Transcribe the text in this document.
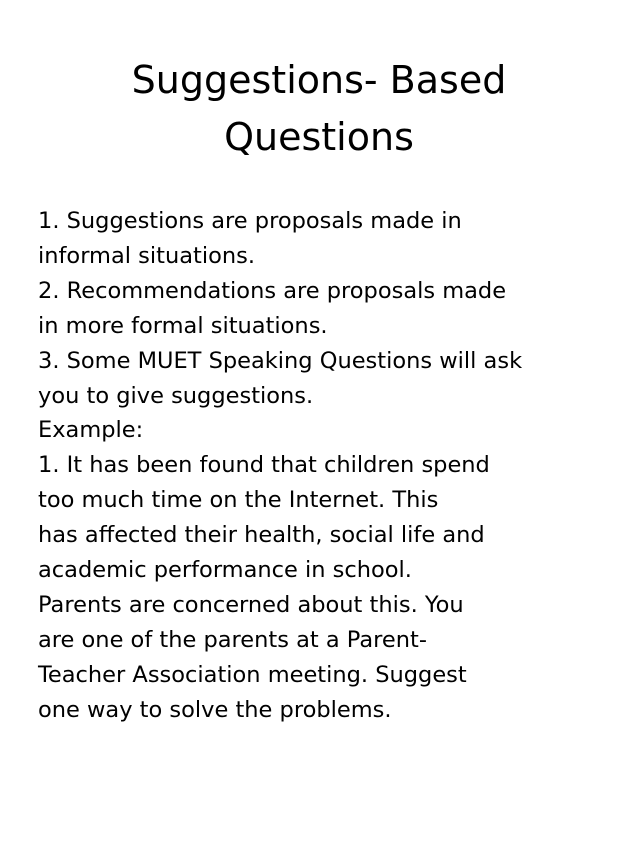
Suggestions- Based
Questions

1. Suggestions are proposals made in
informal situations.

2. Recommendations are proposals made
in more formal situations.

3. Some MUET Speaking Questions will ask
you to give suggestions.

Example:

1. It has been found that children spend
too much time on the Internet. This
has affected their health, social life and
academic performance in school.
Parents are concerned about this. You
are one of the parents at a Parent-
Teacher Association meeting. Suggest
one way to solve the problems.
